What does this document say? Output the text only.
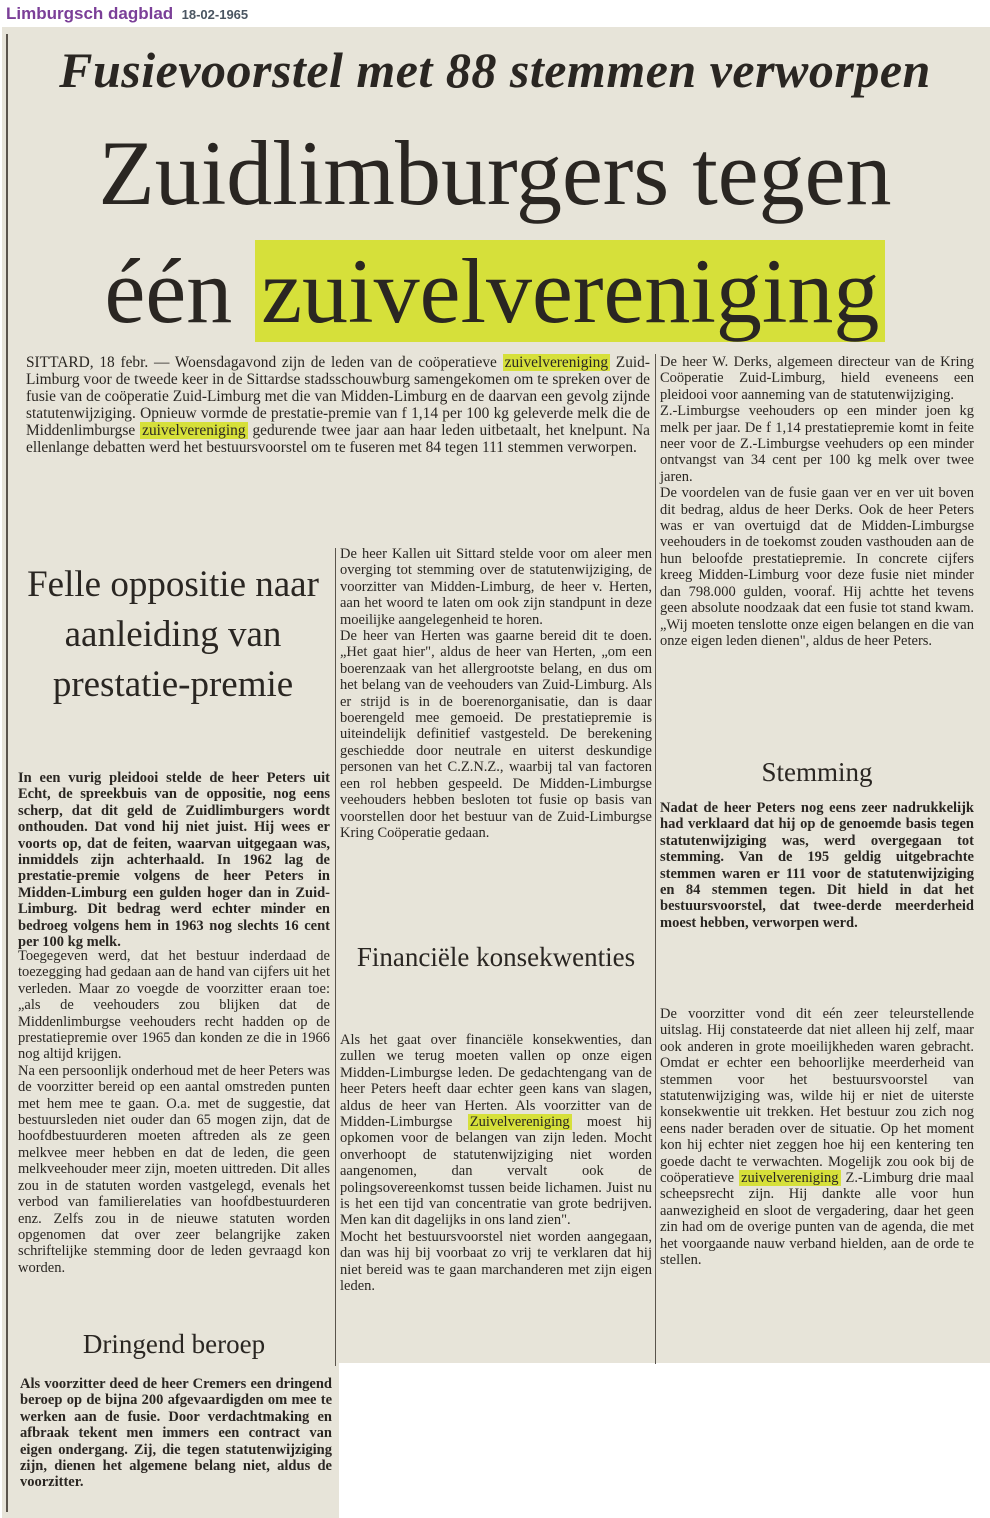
Limburgsch dagblad 18-02-1965
Fusievoorstel met 88 stemmen verworpen
Zuidlimburgers tegen
één zuivelvereniging
SITTARD, 18 febr. — Woensdagavond zijn de leden van de coöperatieve zuivelvereniging Zuid-Limburg voor de tweede keer in de Sittardse stadsschouwburg samengekomen om te spreken over de fusie van de coöperatie Zuid-Limburg met die van Midden-Limburg en de daarvan een gevolg zijnde statutenwijziging. Opnieuw vormde de prestatie-premie van f 1,14 per 100 kg geleverde melk die de Middenlimburgse zuivelvereniging gedurende twee jaar aan haar leden uitbetaalt, het knelpunt. Na ellenlange debatten werd het bestuursvoorstel om te fuseren met 84 tegen 111 stemmen verworpen.
Felle oppositie naar aanleiding van prestatie-premie
In een vurig pleidooi stelde de heer Peters uit Echt, de spreekbuis van de oppositie, nog eens scherp, dat dit geld de Zuidlimburgers wordt onthouden. Dat vond hij niet juist. Hij wees er voorts op, dat de feiten, waarvan uitgegaan was, inmiddels zijn achterhaald. In 1962 lag de prestatie-premie volgens de heer Peters in Midden-Limburg een gulden hoger dan in Zuid-Limburg. Dit bedrag werd echter minder en bedroeg volgens hem in 1963 nog slechts 16 cent per 100 kg melk.

Toegegeven werd, dat het bestuur inderdaad de toezegging had gedaan aan de hand van cijfers uit het verleden. Maar zo voegde de voorzitter eraan toe: „als de veehouders zou blijken dat de Middenlimburgse veehouders recht hadden op de prestatiepremie over 1965 dan konden ze die in 1966 nog altijd krijgen.

Na een persoonlijk onderhoud met de heer Peters was de voorzitter bereid op een aantal omstreden punten met hem mee te gaan. O.a. met de suggestie, dat bestuursleden niet ouder dan 65 mogen zijn, dat de hoofdbestuurderen moeten aftreden als ze geen melkvee meer hebben en dat de leden, die geen melkveehouder meer zijn, moeten uittreden. Dit alles zou in de statuten worden vastgelegd, evenals het verbod van familierelaties van hoofdbestuurderen enz. Zelfs zou in de nieuwe statuten worden opgenomen dat over zeer belangrijke zaken schriftelijke stemming door de leden gevraagd kon worden.

Dringend beroep
Als voorzitter deed de heer Cremers een dringend beroep op de bijna 200 afgevaardigden om mee te werken aan de fusie. Door verdachtmaking en afbraak tekent men immers een contract van eigen ondergang. Zij, die tegen statutenwijziging zijn, dienen het algemene belang niet, aldus de voorzitter.

De heer Kallen uit Sittard stelde voor om aleer men overging tot stemming over de statutenwijziging, de voorzitter van Midden-Limburg, de heer v. Herten, aan het woord te laten om ook zijn standpunt in deze moeilijke aangelegenheid te horen.

De heer van Herten was gaarne bereid dit te doen. „Het gaat hier", aldus de heer van Herten, „om een boerenzaak van het allergrootste belang, en dus om het belang van de veehouders van Zuid-Limburg. Als er strijd is in de boerenorganisatie, dan is daar boerengeld mee gemoeid. De prestatiepremie is uiteindelijk definitief vastgesteld. De berekening geschiedde door neutrale en uiterst deskundige personen van het C.Z.N.Z., waarbij tal van factoren een rol hebben gespeeld. De Midden-Limburgse veehouders hebben besloten tot fusie op basis van voorstellen door het bestuur van de Zuid-Limburgse Kring Coöperatie gedaan.

Financiële konsekwenties

Als het gaat over financiële konsekwenties, dan zullen we terug moeten vallen op onze eigen Midden-Limburgse leden. De gedachtengang van de heer Peters heeft daar echter geen kans van slagen, aldus de heer van Herten. Als voorzitter van de Midden-Limburgse Zuivelvereniging moest hij opkomen voor de belangen van zijn leden. Mocht onverhoopt de statutenwijziging niet worden aangenomen, dan vervalt ook de polingsovereenkomst tussen beide lichamen. Juist nu is het een tijd van concentratie van grote bedrijven. Men kan dit dagelijks in ons land zien".

Mocht het bestuursvoorstel niet worden aangegaan, dan was hij bij voorbaat zo vrij te verklaren dat hij niet bereid was te gaan marchanderen met zijn eigen leden.

De heer W. Derks, algemeen directeur van de Kring Coöperatie Zuid-Limburg, hield eveneens een pleidooi voor aanneming van de statutenwijziging.

Z.-Limburgse veehouders op een minder joen kg melk per jaar. De f 1,14 prestatiepremie komt in feite neer voor de Z.-Limburgse veehuders op een minder ontvangst van 34 cent per 100 kg melk over twee jaren.

De voordelen van de fusie gaan ver en ver uit boven dit bedrag, aldus de heer Derks. Ook de heer Peters was er van overtuigd dat de Midden-Limburgse veehouders in de toekomst zouden vasthouden aan de hun beloofde prestatiepremie. In concrete cijfers kreeg Midden-Limburg voor deze fusie niet minder dan 798.000 gulden, vooraf. Hij achtte het tevens geen absolute noodzaak dat een fusie tot stand kwam. „Wij moeten tenslotte onze eigen belangen en die van onze eigen leden dienen", aldus de heer Peters.

Stemming
Nadat de heer Peters nog eens zeer nadrukkelijk had verklaard dat hij op de genoemde basis tegen statutenwijziging was, werd overgegaan tot stemming. Van de 195 geldig uitgebrachte stemmen waren er 111 voor de statutenwijziging en 84 stemmen tegen. Dit hield in dat het bestuursvoorstel, dat twee-derde meerderheid moest hebben, verworpen werd.
De voorzitter vond dit eén zeer teleurstellende uitslag. Hij constateerde dat niet alleen hij zelf, maar ook anderen in grote moeilijkheden waren gebracht. Omdat er echter een behoorlijke meerderheid van stemmen voor het bestuursvoorstel van statutenwijziging was, wilde hij er niet de uiterste konsekwentie uit trekken. Het bestuur zou zich nog eens nader beraden over de situatie. Op het moment kon hij echter niet zeggen hoe hij een kentering ten goede dacht te verwachten. Mogelijk zou ook bij de coöperatieve zuivelvereniging Z.-Limburg drie maal scheepsrecht zijn. Hij dankte alle voor hun aanwezigheid en sloot de vergadering, daar het geen zin had om de overige punten van de agenda, die met het voorgaande nauw verband hielden, aan de orde te stellen.
